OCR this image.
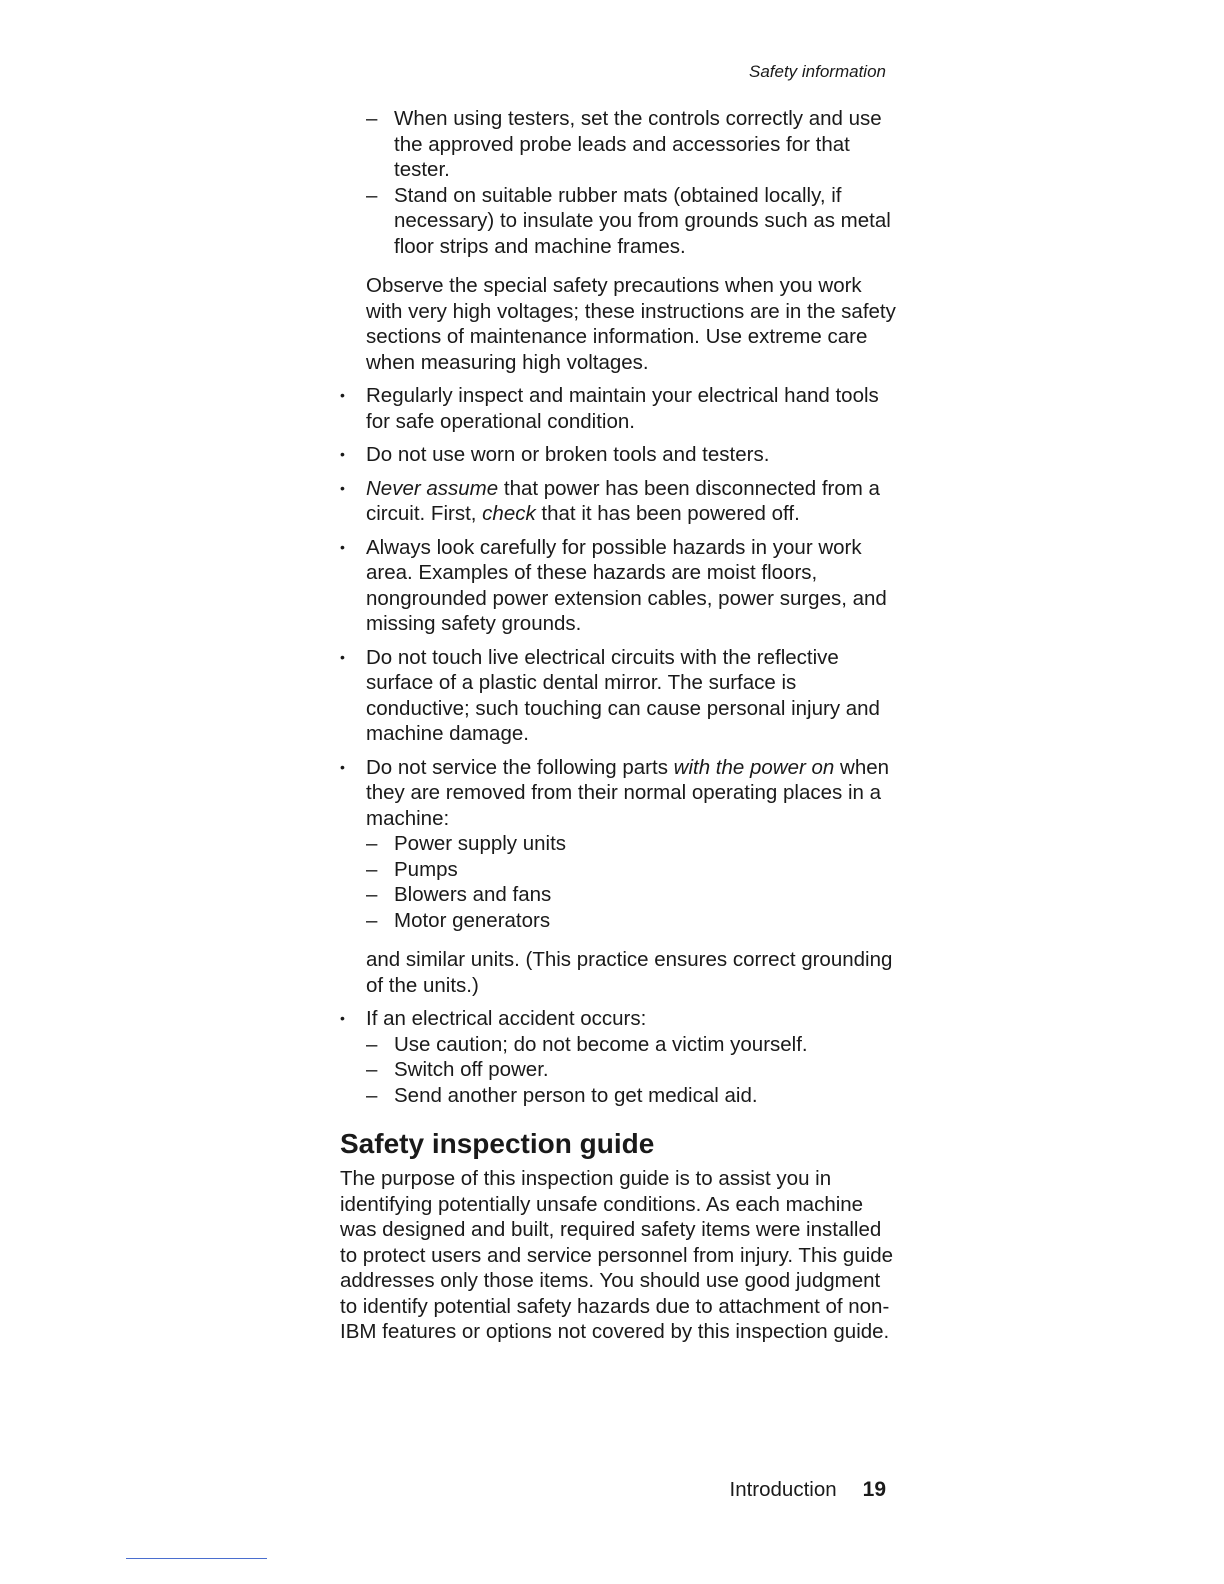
Safety information
– When using testers, set the controls correctly and use the approved probe leads and accessories for that tester.
– Stand on suitable rubber mats (obtained locally, if necessary) to insulate you from grounds such as metal floor strips and machine frames.

Observe the special safety precautions when you work with very high voltages; these instructions are in the safety sections of maintenance information. Use extreme care when measuring high voltages.

• Regularly inspect and maintain your electrical hand tools for safe operational condition.
• Do not use worn or broken tools and testers.
• Never assume that power has been disconnected from a circuit. First, check that it has been powered off.
• Always look carefully for possible hazards in your work area. Examples of these hazards are moist floors, nongrounded power extension cables, power surges, and missing safety grounds.
• Do not touch live electrical circuits with the reflective surface of a plastic dental mirror. The surface is conductive; such touching can cause personal injury and machine damage.
• Do not service the following parts with the power on when they are removed from their normal operating places in a machine:
– Power supply units
– Pumps
– Blowers and fans
– Motor generators
and similar units. (This practice ensures correct grounding of the units.)
• If an electrical accident occurs:
– Use caution; do not become a victim yourself.
– Switch off power.
– Send another person to get medical aid.
Safety inspection guide

The purpose of this inspection guide is to assist you in identifying potentially unsafe conditions. As each machine was designed and built, required safety items were installed to protect users and service personnel from injury. This guide addresses only those items. You should use good judgment to identify potential safety hazards due to attachment of non-IBM features or options not covered by this inspection guide.

Introduction 19
